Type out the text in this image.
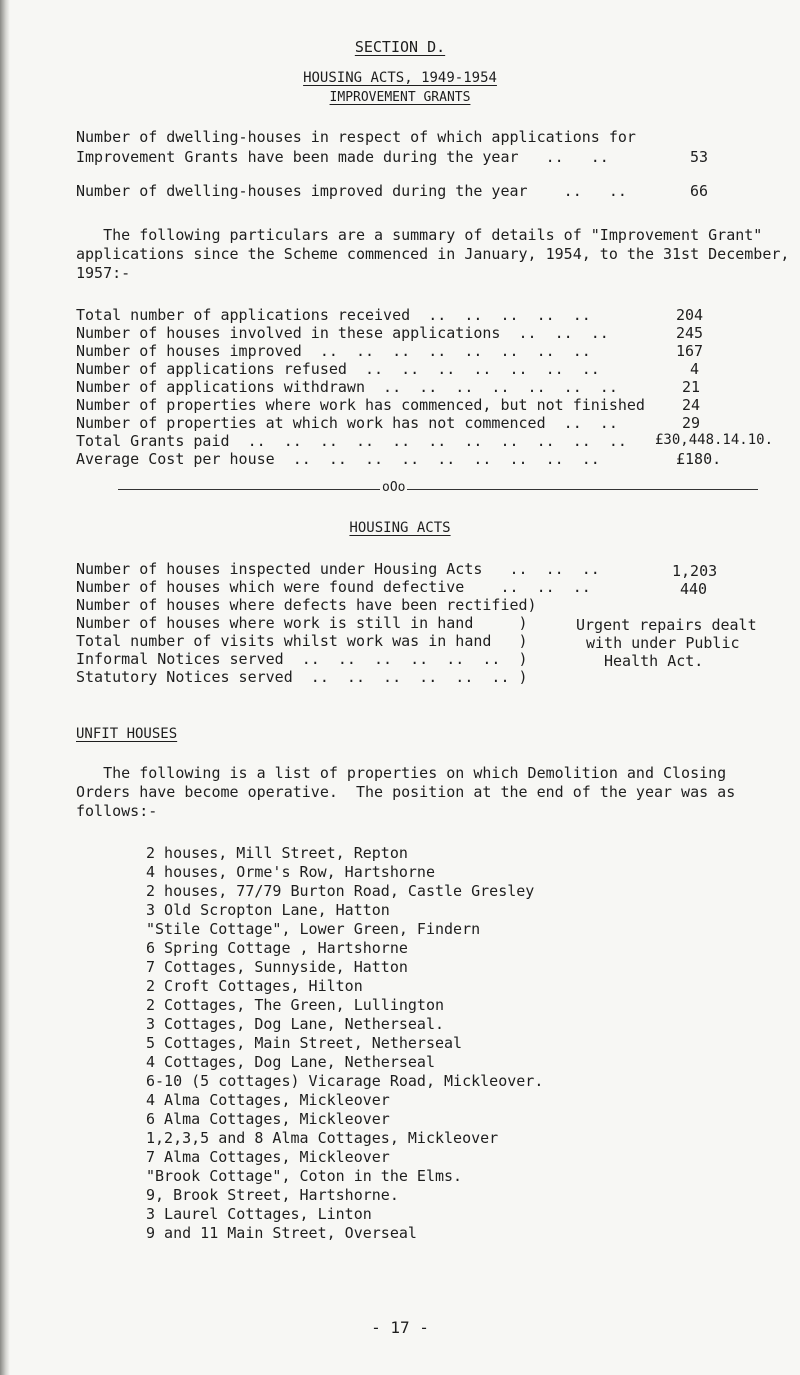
SECTION D.
HOUSING ACTS, 1949-1954
IMPROVEMENT GRANTS
Number of dwelling-houses in respect of which applications for
Improvement Grants have been made during the year   ..   ..	53
Number of dwelling-houses improved during the year    ..   ..	66
The following particulars are a summary of details of "Improvement Grant"
applications since the Scheme commenced in January, 1954, to the 31st December,
1957:-
Total number of applications received  ..  ..  ..  ..  ..	204
Number of houses involved in these applications  ..  ..  ..	245
Number of houses improved  ..  ..  ..  ..  ..  ..  ..  ..	167
Number of applications refused  ..  ..  ..  ..  ..  ..  ..	4
Number of applications withdrawn  ..  ..  ..  ..  ..  ..  ..	21
Number of properties where work has commenced, but not finished 24
Number of properties at which work has not commenced  ..  ..	29
Total Grants paid  ..  ..  ..  ..  ..  ..  ..  ..  ..  ..  .. £30,448.14.10.
Average Cost per house  ..  ..  ..  ..  ..  ..  ..  ..  ..	£180.
oOo
HOUSING ACTS
Number of houses inspected under Housing Acts   ..  ..  ..	1,203
Number of houses which were found defective    ..  ..  ..	440
Number of houses where defects have been rectified)
Number of houses where work is still in hand     )
Total number of visits whilst work was in hand   )
Informal Notices served  ..  ..  ..  ..  ..  ..  )
Statutory Notices served  ..  ..  ..  ..  ..  .. )
Urgent repairs dealt
with under Public
Health Act.
UNFIT HOUSES
The following is a list of properties on which Demolition and Closing
Orders have become operative.  The position at the end of the year was as
follows:-
2 houses, Mill Street, Repton
4 houses, Orme's Row, Hartshorne
2 houses, 77/79 Burton Road, Castle Gresley
3 Old Scropton Lane, Hatton
"Stile Cottage", Lower Green, Findern
6 Spring Cottage , Hartshorne
7 Cottages, Sunnyside, Hatton
2 Croft Cottages, Hilton
2 Cottages, The Green, Lullington
3 Cottages, Dog Lane, Netherseal.
5 Cottages, Main Street, Netherseal
4 Cottages, Dog Lane, Netherseal
6-10 (5 cottages) Vicarage Road, Mickleover.
4 Alma Cottages, Mickleover
6 Alma Cottages, Mickleover
1,2,3,5 and 8 Alma Cottages, Mickleover
7 Alma Cottages, Mickleover
"Brook Cottage", Coton in the Elms.
9, Brook Street, Hartshorne.
3 Laurel Cottages, Linton
9 and 11 Main Street, Overseal
- 17 -
